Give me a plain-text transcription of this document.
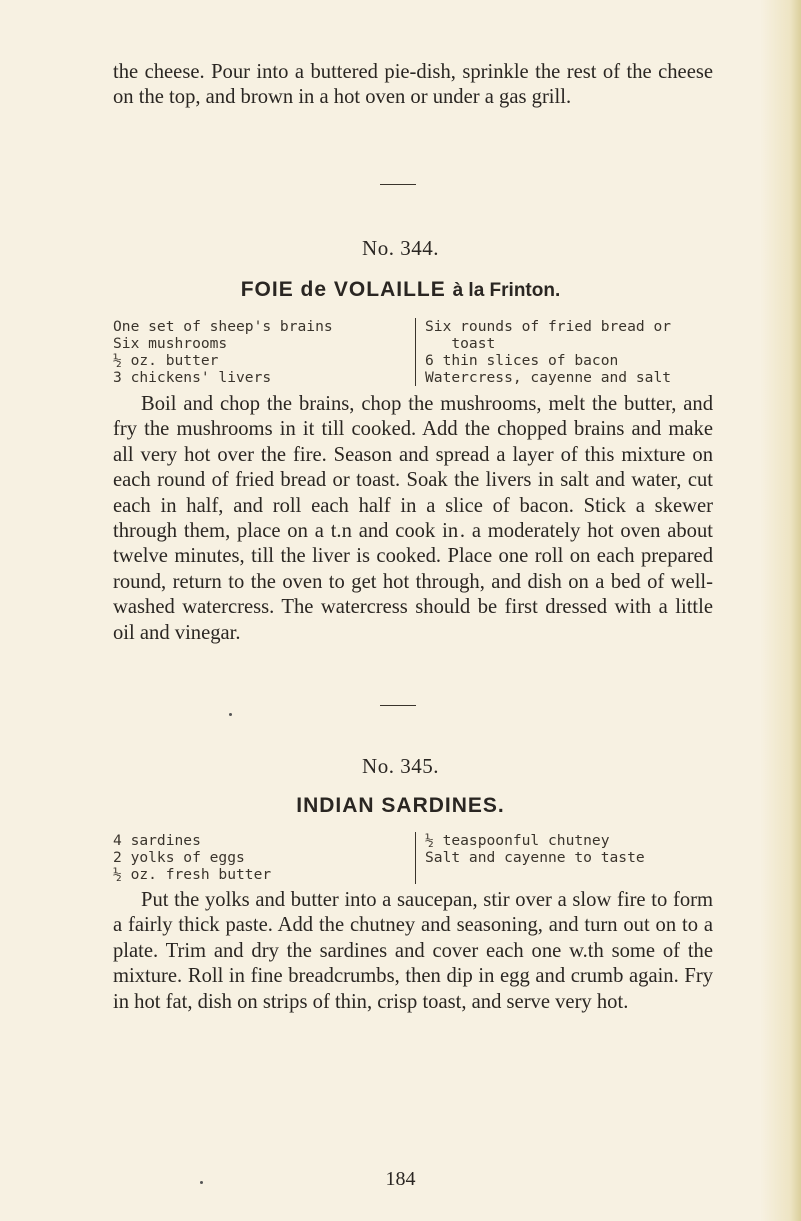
the cheese. Pour into a buttered pie-dish, sprinkle the rest of the cheese on the top, and brown in a hot oven or under a gas grill.

No. 344.
FOIE de VOLAILLE à la Frinton.
One set of sheep's brains
Six mushrooms
½ oz. butter
3 chickens' livers
Six rounds of fried bread or
toast
6 thin slices of bacon
Watercress, cayenne and salt

Boil and chop the brains, chop the mushrooms, melt the butter, and fry the mushrooms in it till cooked. Add the chopped brains and make all very hot over the fire. Season and spread a layer of this mixture on each round of fried bread or toast. Soak the livers in salt and water, cut each in half, and roll each half in a slice of bacon. Stick a skewer through them, place on a t.n and cook in . a moderately hot oven about twelve minutes, till the liver is cooked. Place one roll on each prepared round, return to the oven to get hot through, and dish on a bed of well-washed watercress. The watercress should be first dressed with a little oil and vinegar.

No. 345.
INDIAN SARDINES.
4 sardines
2 yolks of eggs
½ oz. fresh butter
½ teaspoonful chutney
Salt and cayenne to taste

Put the yolks and butter into a saucepan, stir over a slow fire to form a fairly thick paste. Add the chutney and seasoning, and turn out on to a plate. Trim and dry the sardines and cover each one w.th some of the mixture. Roll in fine breadcrumbs, then dip in egg and crumb again. Fry in hot fat, dish on strips of thin, crisp toast, and serve very hot.

184
